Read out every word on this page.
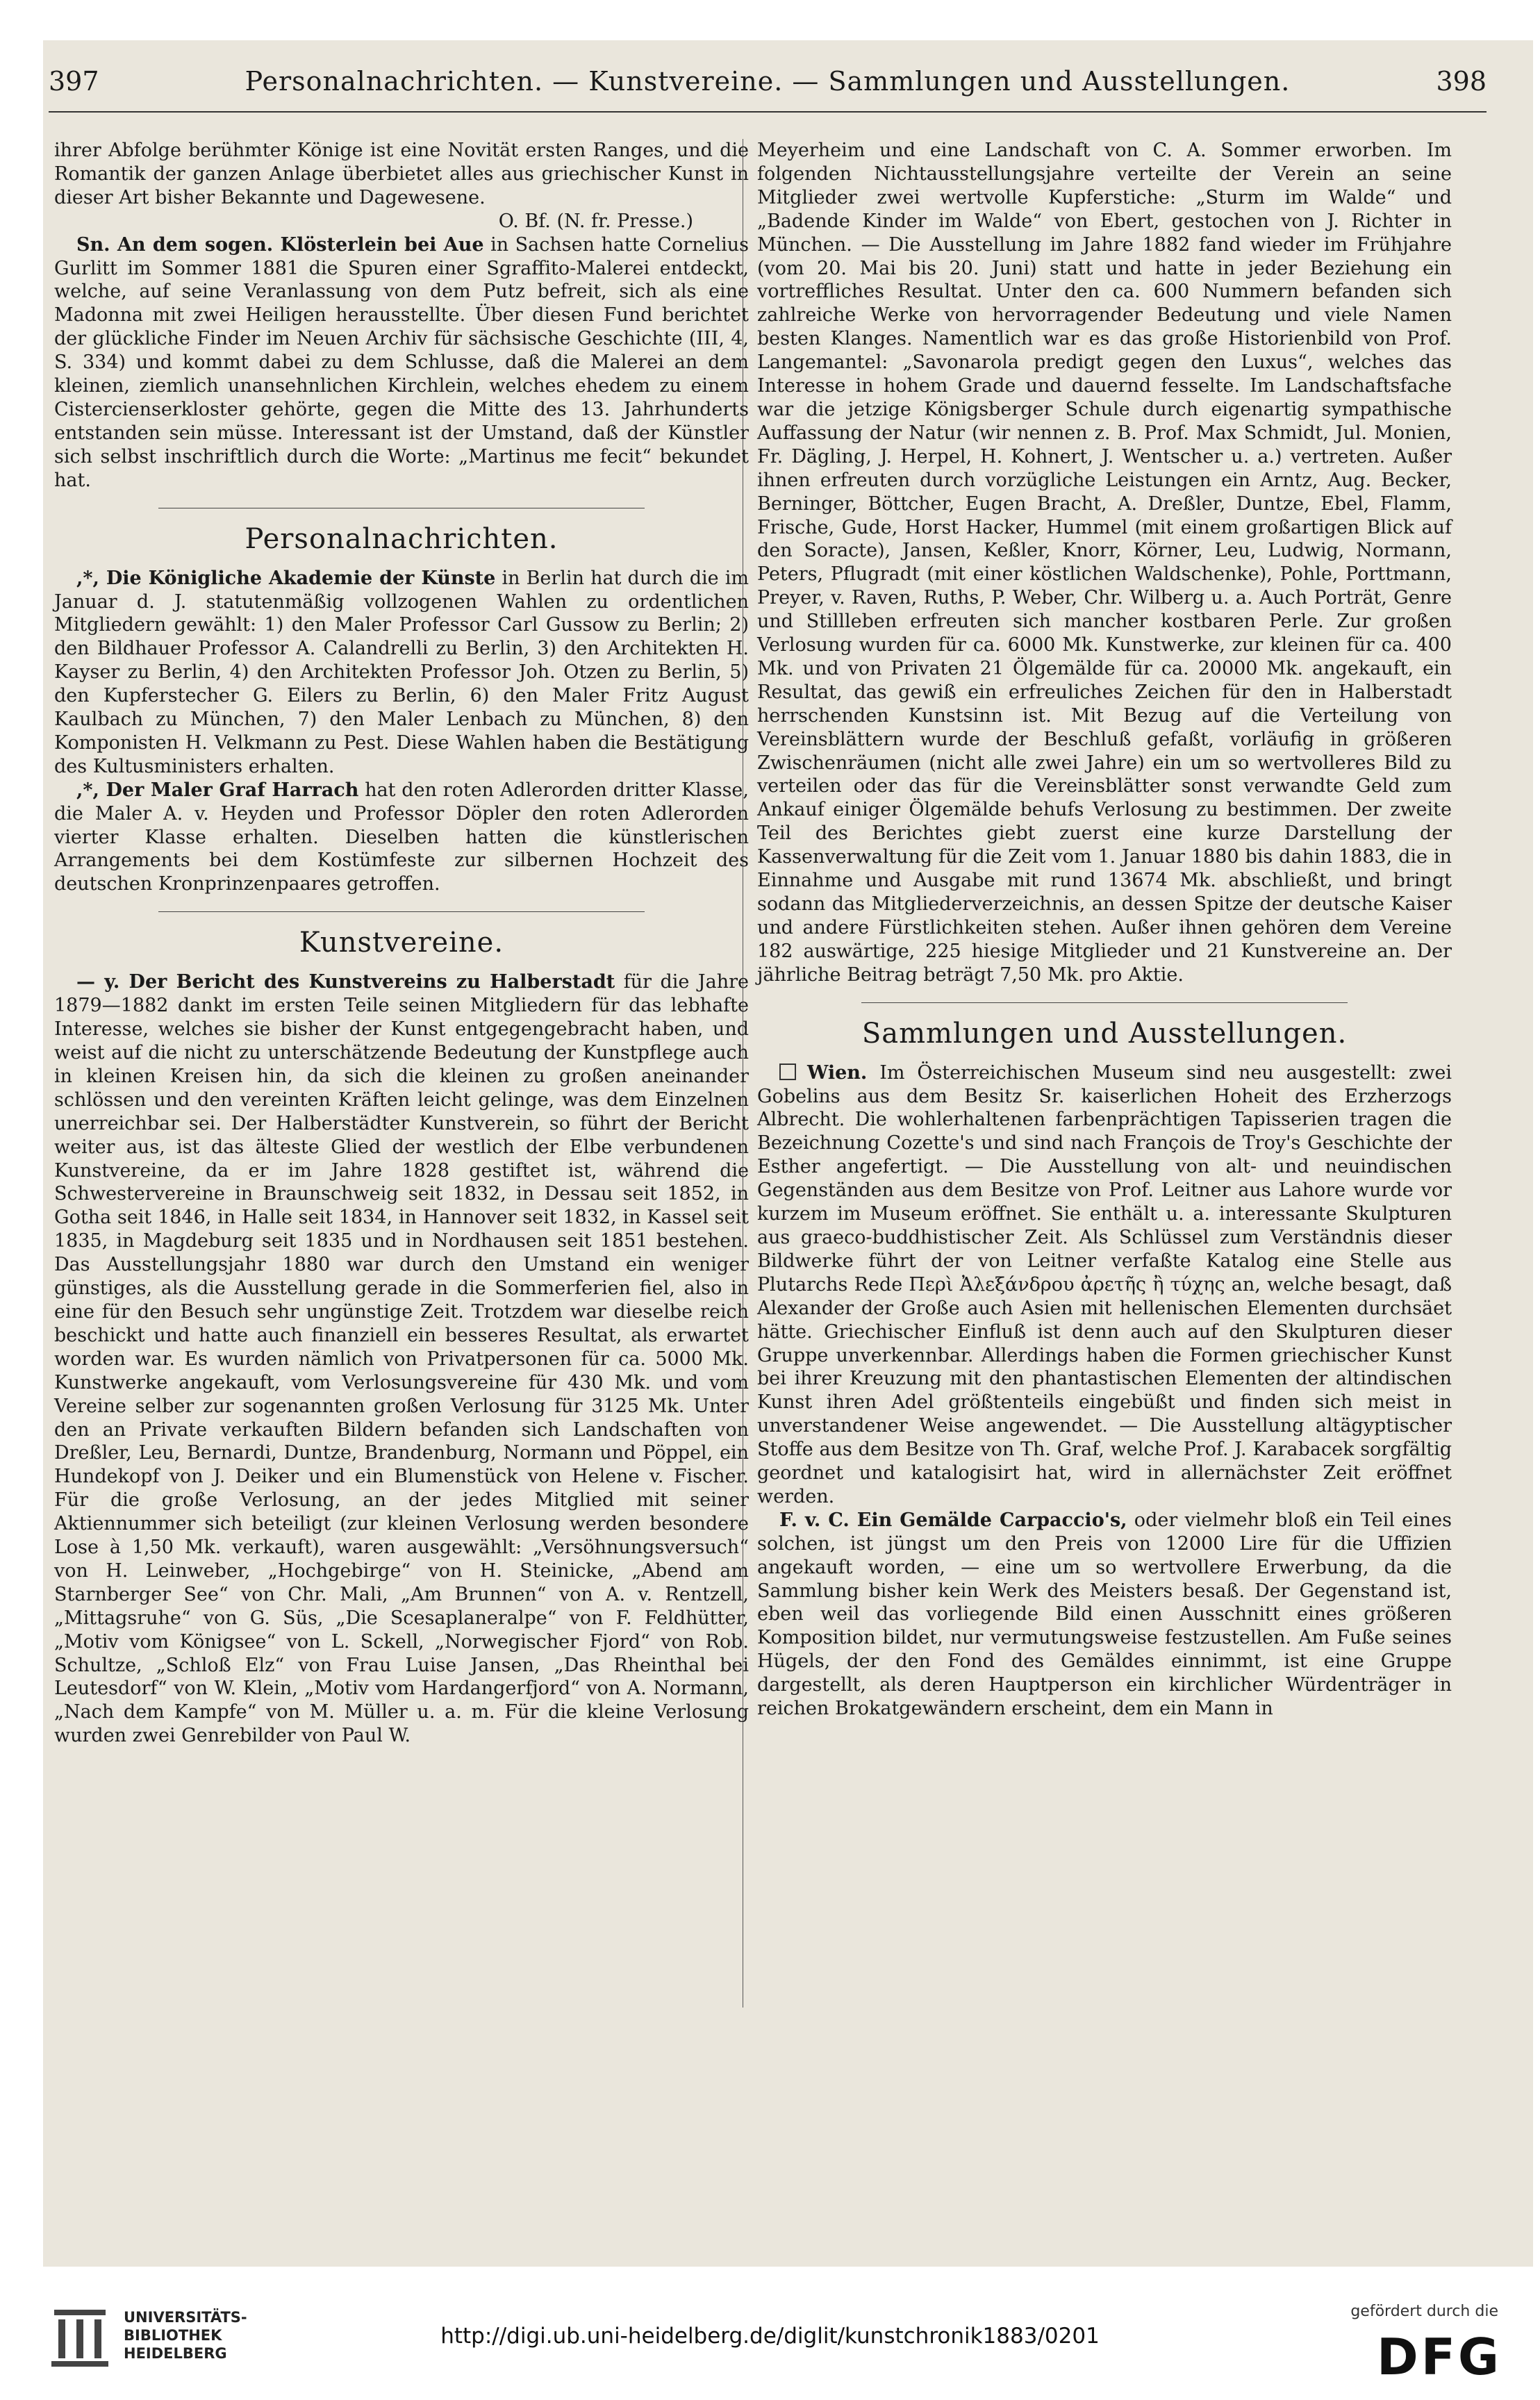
397	Personalnachrichten. — Kunstvereine. — Sammlungen und Ausstellungen.	398

ihrer Abfolge berühmter Könige ist eine Novität ersten Ranges, und die Romantik der ganzen Anlage überbietet alles aus griechischer Kunst in dieser Art bisher Bekannte und Dagewesene.

O. Bf. (N. fr. Presse.)

Sn. An dem sogen. Klösterlein bei Aue in Sachsen hatte Cornelius Gurlitt im Sommer 1881 die Spuren einer Sgraffito-Malerei entdeckt, welche, auf seine Veranlassung von dem Putz befreit, sich als eine Madonna mit zwei Heiligen herausstellte. Über diesen Fund berichtet der glückliche Finder im Neuen Archiv für sächsische Geschichte (III, 4, S. 334) und kommt dabei zu dem Schlusse, daß die Malerei an dem kleinen, ziemlich unansehnlichen Kirchlein, welches ehedem zu einem Cistercienserkloster gehörte, gegen die Mitte des 13. Jahrhunderts entstanden sein müsse. Interessant ist der Umstand, daß der Künstler sich selbst inschriftlich durch die Worte: „Martinus me fecit“ bekundet hat.

Personalnachrichten.

,*, Die Königliche Akademie der Künste in Berlin hat durch die im Januar d. J. statutenmäßig vollzogenen Wahlen zu ordentlichen Mitgliedern gewählt: 1) den Maler Professor Carl Gussow zu Berlin; 2) den Bildhauer Professor A. Calandrelli zu Berlin, 3) den Architekten H. Kayser zu Berlin, 4) den Architekten Professor Joh. Otzen zu Berlin, 5) den Kupferstecher G. Eilers zu Berlin, 6) den Maler Fritz August Kaulbach zu München, 7) den Maler Lenbach zu München, 8) den Komponisten H. Velkmann zu Pest. Diese Wahlen haben die Bestätigung des Kultusministers erhalten.

,*, Der Maler Graf Harrach hat den roten Adlerorden dritter Klasse, die Maler A. v. Heyden und Professor Döpler den roten Adlerorden vierter Klasse erhalten. Dieselben hatten die künstlerischen Arrangements bei dem Kostümfeste zur silbernen Hochzeit des deutschen Kronprinzenpaares getroffen.

Kunstvereine.

— y. Der Bericht des Kunstvereins zu Halberstadt für die Jahre 1879—1882 dankt im ersten Teile seinen Mitgliedern für das lebhafte Interesse, welches sie bisher der Kunst entgegengebracht haben, und weist auf die nicht zu unterschätzende Bedeutung der Kunstpflege auch in kleinen Kreisen hin, da sich die kleinen zu großen aneinander schlössen und den vereinten Kräften leicht gelinge, was dem Einzelnen unerreichbar sei. Der Halberstädter Kunstverein, so führt der Bericht weiter aus, ist das älteste Glied der westlich der Elbe verbundenen Kunstvereine, da er im Jahre 1828 gestiftet ist, während die Schwestervereine in Braunschweig seit 1832, in Dessau seit 1852, in Gotha seit 1846, in Halle seit 1834, in Hannover seit 1832, in Kassel seit 1835, in Magdeburg seit 1835 und in Nordhausen seit 1851 bestehen. Das Ausstellungsjahr 1880 war durch den Umstand ein weniger günstiges, als die Ausstellung gerade in die Sommerferien fiel, also in eine für den Besuch sehr ungünstige Zeit. Trotzdem war dieselbe reich beschickt und hatte auch finanziell ein besseres Resultat, als erwartet worden war. Es wurden nämlich von Privatpersonen für ca. 5000 Mk. Kunstwerke angekauft, vom Verlosungsvereine für 430 Mk. und vom Vereine selber zur sogenannten großen Verlosung für 3125 Mk. Unter den an Private verkauften Bildern befanden sich Landschaften von Dreßler, Leu, Bernardi, Duntze, Brandenburg, Normann und Pöppel, ein Hundekopf von J. Deiker und ein Blumenstück von Helene v. Fischer. Für die große Verlosung, an der jedes Mitglied mit seiner Aktiennummer sich beteiligt (zur kleinen Verlosung werden besondere Lose à 1,50 Mk. verkauft), waren ausgewählt: „Versöhnungsversuch“ von H. Leinweber, „Hochgebirge“ von H. Steinicke, „Abend am Starnberger See“ von Chr. Mali, „Am Brunnen“ von A. v. Rentzell, „Mittagsruhe“ von G. Süs, „Die Scesaplaneralpe“ von F. Feldhütter, „Motiv vom Königsee“ von L. Sckell, „Norwegischer Fjord“ von Rob. Schultze, „Schloß Elz“ von Frau Luise Jansen, „Das Rheinthal bei Leutesdorf“ von W. Klein, „Motiv vom Hardangerfjord“ von A. Normann, „Nach dem Kampfe“ von M. Müller u. a. m. Für die kleine Verlosung wurden zwei Genrebilder von Paul W.

Meyerheim und eine Landschaft von C. A. Sommer erworben. Im folgenden Nichtausstellungsjahre verteilte der Verein an seine Mitglieder zwei wertvolle Kupferstiche: „Sturm im Walde“ und „Badende Kinder im Walde“ von Ebert, gestochen von J. Richter in München. — Die Ausstellung im Jahre 1882 fand wieder im Frühjahre (vom 20. Mai bis 20. Juni) statt und hatte in jeder Beziehung ein vortreffliches Resultat. Unter den ca. 600 Nummern befanden sich zahlreiche Werke von hervorragender Bedeutung und viele Namen besten Klanges. Namentlich war es das große Historienbild von Prof. Langemantel: „Savonarola predigt gegen den Luxus“, welches das Interesse in hohem Grade und dauernd fesselte. Im Landschaftsfache war die jetzige Königsberger Schule durch eigenartig sympathische Auffassung der Natur (wir nennen z. B. Prof. Max Schmidt, Jul. Monien, Fr. Dägling, J. Herpel, H. Kohnert, J. Wentscher u. a.) vertreten. Außer ihnen erfreuten durch vorzügliche Leistungen ein Arntz, Aug. Becker, Berninger, Böttcher, Eugen Bracht, A. Dreßler, Duntze, Ebel, Flamm, Frische, Gude, Horst Hacker, Hummel (mit einem großartigen Blick auf den Soracte), Jansen, Keßler, Knorr, Körner, Leu, Ludwig, Normann, Peters, Pflugradt (mit einer köstlichen Waldschenke), Pohle, Porttmann, Preyer, v. Raven, Ruths, P. Weber, Chr. Wilberg u. a. Auch Porträt, Genre und Stillleben erfreuten sich mancher kostbaren Perle. Zur großen Verlosung wurden für ca. 6000 Mk. Kunstwerke, zur kleinen für ca. 400 Mk. und von Privaten 21 Ölgemälde für ca. 20000 Mk. angekauft, ein Resultat, das gewiß ein erfreuliches Zeichen für den in Halberstadt herrschenden Kunstsinn ist. Mit Bezug auf die Verteilung von Vereinsblättern wurde der Beschluß gefaßt, vorläufig in größeren Zwischenräumen (nicht alle zwei Jahre) ein um so wertvolleres Bild zu verteilen oder das für die Vereinsblätter sonst verwandte Geld zum Ankauf einiger Ölgemälde behufs Verlosung zu bestimmen. Der zweite Teil des Berichtes giebt zuerst eine kurze Darstellung der Kassenverwaltung für die Zeit vom 1. Januar 1880 bis dahin 1883, die in Einnahme und Ausgabe mit rund 13674 Mk. abschließt, und bringt sodann das Mitgliederverzeichnis, an dessen Spitze der deutsche Kaiser und andere Fürstlichkeiten stehen. Außer ihnen gehören dem Vereine 182 auswärtige, 225 hiesige Mitglieder und 21 Kunstvereine an. Der jährliche Beitrag beträgt 7,50 Mk. pro Aktie.

Sammlungen und Ausstellungen.

Wien. Im Österreichischen Museum sind neu ausgestellt: zwei Gobelins aus dem Besitz Sr. kaiserlichen Hoheit des Erzherzogs Albrecht. Die wohlerhaltenen farbenprächtigen Tapisserien tragen die Bezeichnung Cozette's und sind nach François de Troy's Geschichte der Esther angefertigt. — Die Ausstellung von alt- und neuindischen Gegenständen aus dem Besitze von Prof. Leitner aus Lahore wurde vor kurzem im Museum eröffnet. Sie enthält u. a. interessante Skulpturen aus graeco-buddhistischer Zeit. Als Schlüssel zum Verständnis dieser Bildwerke führt der von Leitner verfaßte Katalog eine Stelle aus Plutarchs Rede Περὶ Ἀλεξάνδρου ἀρετῆς ἢ τύχης an, welche besagt, daß Alexander der Große auch Asien mit hellenischen Elementen durchsäet hätte. Griechischer Einfluß ist denn auch auf den Skulpturen dieser Gruppe unverkennbar. Allerdings haben die Formen griechischer Kunst bei ihrer Kreuzung mit den phantastischen Elementen der altindischen Kunst ihren Adel größtenteils eingebüßt und finden sich meist in unverstandener Weise angewendet. — Die Ausstellung altägyptischer Stoffe aus dem Besitze von Th. Graf, welche Prof. J. Karabacek sorgfältig geordnet und katalogisirt hat, wird in allernächster Zeit eröffnet werden.

F. v. C. Ein Gemälde Carpaccio's, oder vielmehr bloß ein Teil eines solchen, ist jüngst um den Preis von 12000 Lire für die Uffizien angekauft worden, — eine um so wertvollere Erwerbung, da die Sammlung bisher kein Werk des Meisters besaß. Der Gegenstand ist, eben weil das vorliegende Bild einen Ausschnitt eines größeren Komposition bildet, nur vermutungsweise festzustellen. Am Fuße seines Hügels, der den Fond des Gemäldes einnimmt, ist eine Gruppe dargestellt, als deren Hauptperson ein kirchlicher Würdenträger in reichen Brokatgewändern erscheint, dem ein Mann in

UNIVERSITÄTS-
BIBLIOTHEK
HEIDELBERG
http://digi.ub.uni-heidelberg.de/diglit/kunstchronik1883/0201
gefördert durch die
DFG
